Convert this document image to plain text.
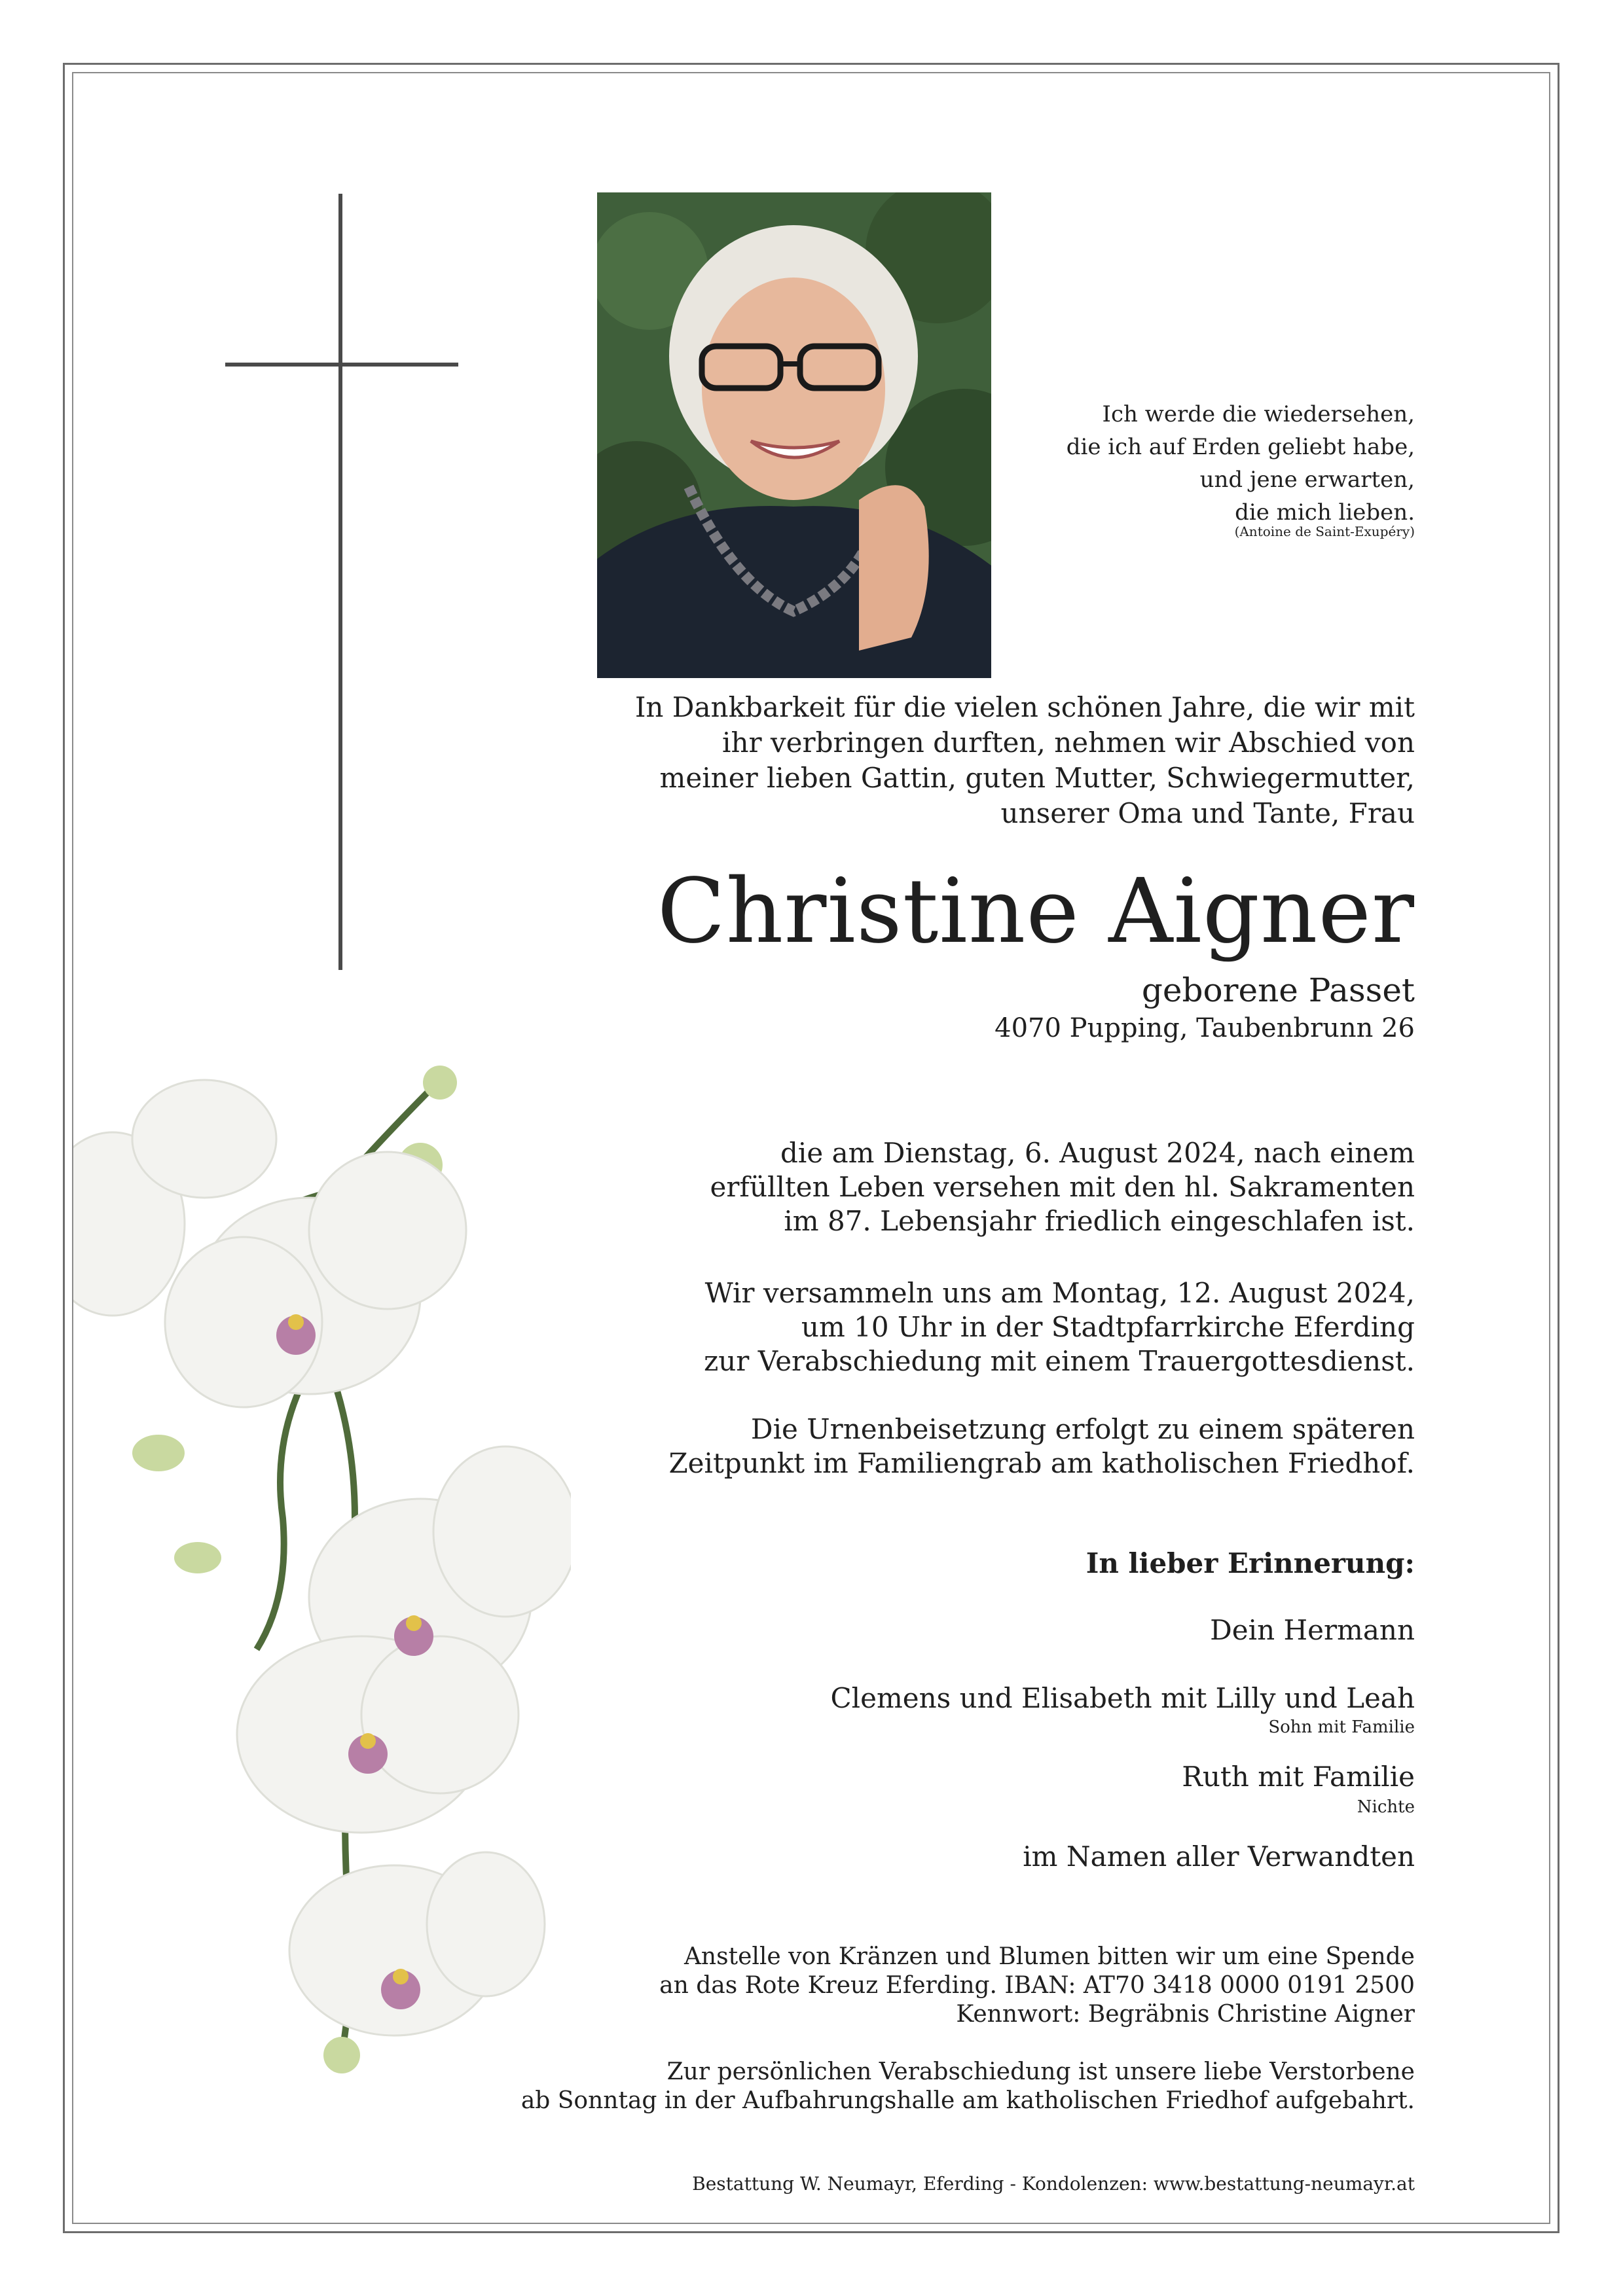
Ich werde die wiedersehen,
die ich auf Erden geliebt habe,
und jene erwarten,
die mich lieben.
(Antoine de Saint-Exupéry)
In Dankbarkeit für die vielen schönen Jahre, die wir mit
ihr verbringen durften, nehmen wir Abschied von
meiner lieben Gattin, guten Mutter, Schwiegermutter,
unserer Oma und Tante, Frau
Christine Aigner
geborene Passet
4070 Pupping, Taubenbrunn 26
die am Dienstag, 6. August 2024, nach einem
erfüllten Leben versehen mit den hl. Sakramenten
im 87. Lebensjahr friedlich eingeschlafen ist.
Wir versammeln uns am Montag, 12. August 2024,
um 10 Uhr in der Stadtpfarrkirche Eferding
zur Verabschiedung mit einem Trauergottesdienst.
Die Urnenbeisetzung erfolgt zu einem späteren
Zeitpunkt im Familiengrab am katholischen Friedhof.
In lieber Erinnerung:
Dein Hermann
Clemens und Elisabeth mit Lilly und Leah
Sohn mit Familie
Ruth mit Familie
Nichte
im Namen aller Verwandten
Anstelle von Kränzen und Blumen bitten wir um eine Spende
an das Rote Kreuz Eferding. IBAN: AT70 3418 0000 0191 2500
Kennwort: Begräbnis Christine Aigner
Zur persönlichen Verabschiedung ist unsere liebe Verstorbene
ab Sonntag in der Aufbahrungshalle am katholischen Friedhof aufgebahrt.
Bestattung W. Neumayr, Eferding - Kondolenzen: www.bestattung-neumayr.at
